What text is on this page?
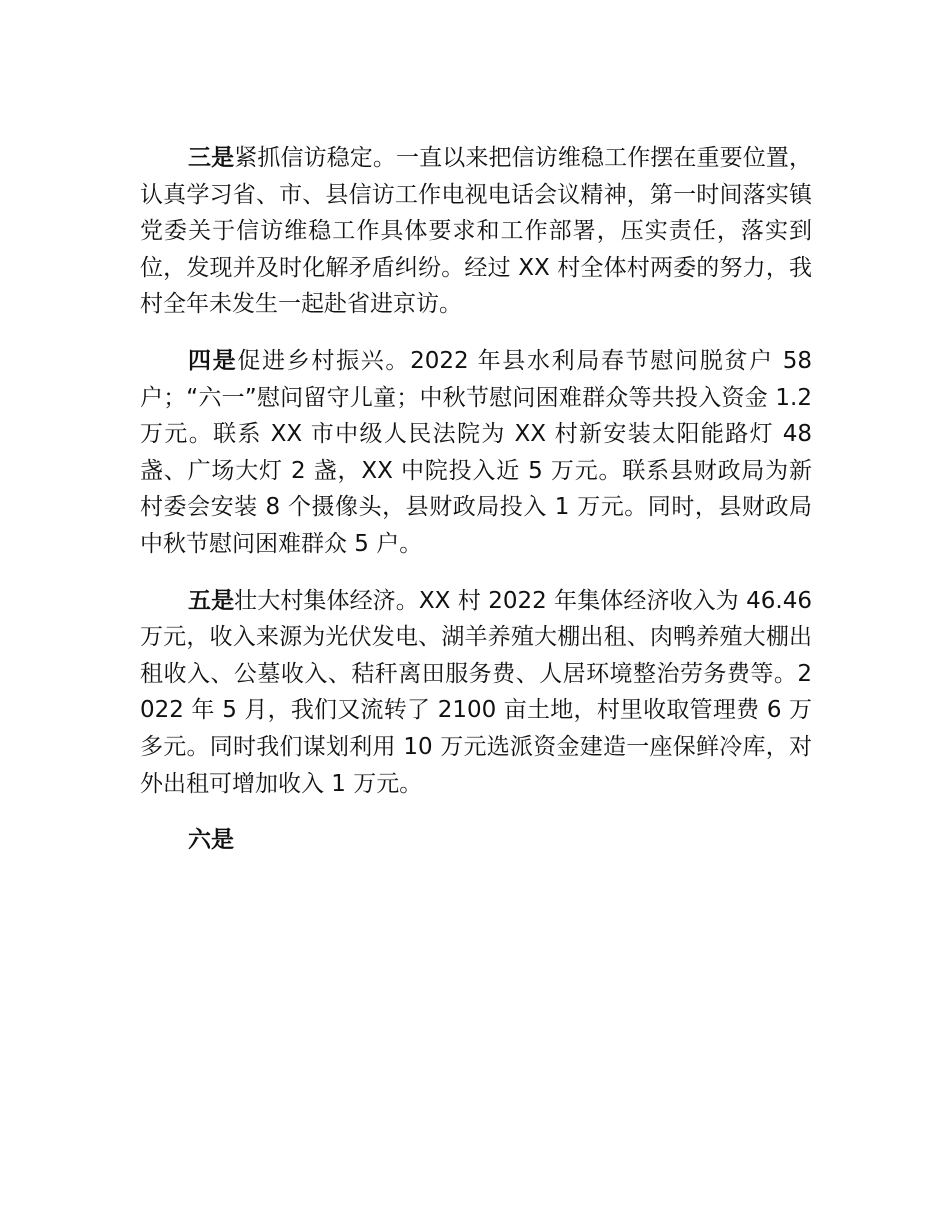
三是紧抓信访稳定。一直以来把信访维稳工作摆在重要位置，认真学习省、市、县信访工作电视电话会议精神，第一时间落实镇党委关于信访维稳工作具体要求和工作部署，压实责任，落实到位，发现并及时化解矛盾纠纷。经过 XX 村全体村两委的努力，我村全年未发生一起赴省进京访。

四是促进乡村振兴。2022 年县水利局春节慰问脱贫户 58 户；“六一”慰问留守儿童；中秋节慰问困难群众等共投入资金 1.2 万元。联系 XX 市中级人民法院为 XX 村新安装太阳能路灯 48 盏、广场大灯 2 盏，XX 中院投入近 5 万元。联系县财政局为新村委会安装 8 个摄像头，县财政局投入 1 万元。同时，县财政局中秋节慰问困难群众 5 户。

五是壮大村集体经济。XX 村 2022 年集体经济收入为 46.46 万元，收入来源为光伏发电、湖羊养殖大棚出租、肉鸭养殖大棚出租收入、公墓收入、秸秆离田服务费、人居环境整治劳务费等。2022 年 5 月，我们又流转了 2100 亩土地，村里收取管理费 6 万多元。同时我们谋划利用 10 万元选派资金建造一座保鲜冷库，对外出租可增加收入 1 万元。

六是
